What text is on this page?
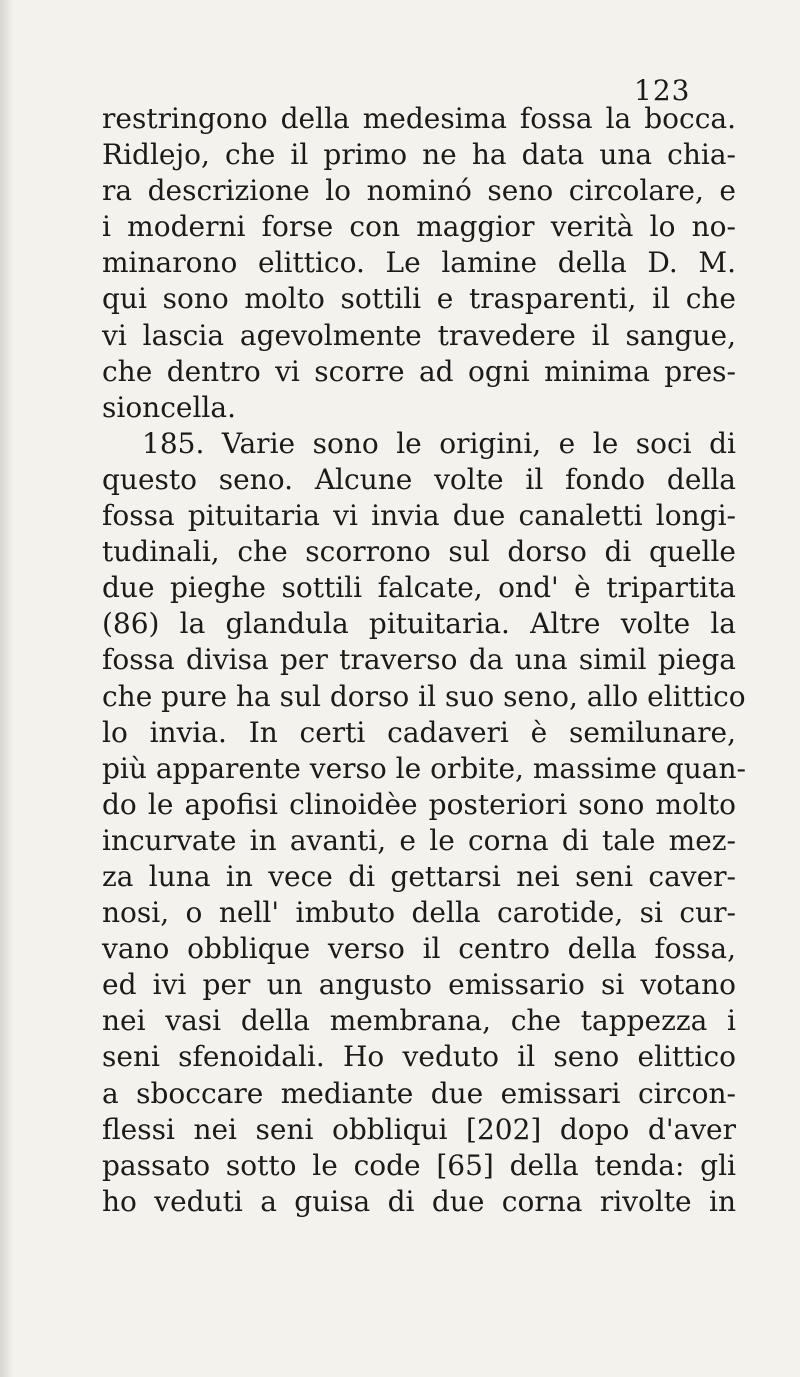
123
restringono della medesima fossa la bocca.
Ridlejo, che il primo ne ha data una chia-
ra descrizione lo nominó seno circolare, e
i moderni forse con maggior verità lo no-
minarono elittico. Le lamine della D. M.
qui sono molto sottili e trasparenti, il che
vi lascia agevolmente travedere il sangue,
che dentro vi scorre ad ogni minima pres-
sioncella.
185. Varie sono le origini, e le soci di
questo seno. Alcune volte il fondo della
fossa pituitaria vi invia due canaletti longi-
tudinali, che scorrono sul dorso di quelle
due pieghe sottili falcate, ond' è tripartita
(86) la glandula pituitaria. Altre volte la
fossa divisa per traverso da una simil piega
che pure ha sul dorso il suo seno, allo elittico
lo invia. In certi cadaveri è semilunare,
più apparente verso le orbite, massime quan-
do le apofisi clinoidèe posteriori sono molto
incurvate in avanti, e le corna di tale mez-
za luna in vece di gettarsi nei seni caver-
nosi, o nell' imbuto della carotide, si cur-
vano obblique verso il centro della fossa,
ed ivi per un angusto emissario si votano
nei vasi della membrana, che tappezza i
seni sfenoidali. Ho veduto il seno elittico
a sboccare mediante due emissari circon-
flessi nei seni obbliqui [202] dopo d'aver
passato sotto le code [65] della tenda: gli
ho veduti a guisa di due corna rivolte in
